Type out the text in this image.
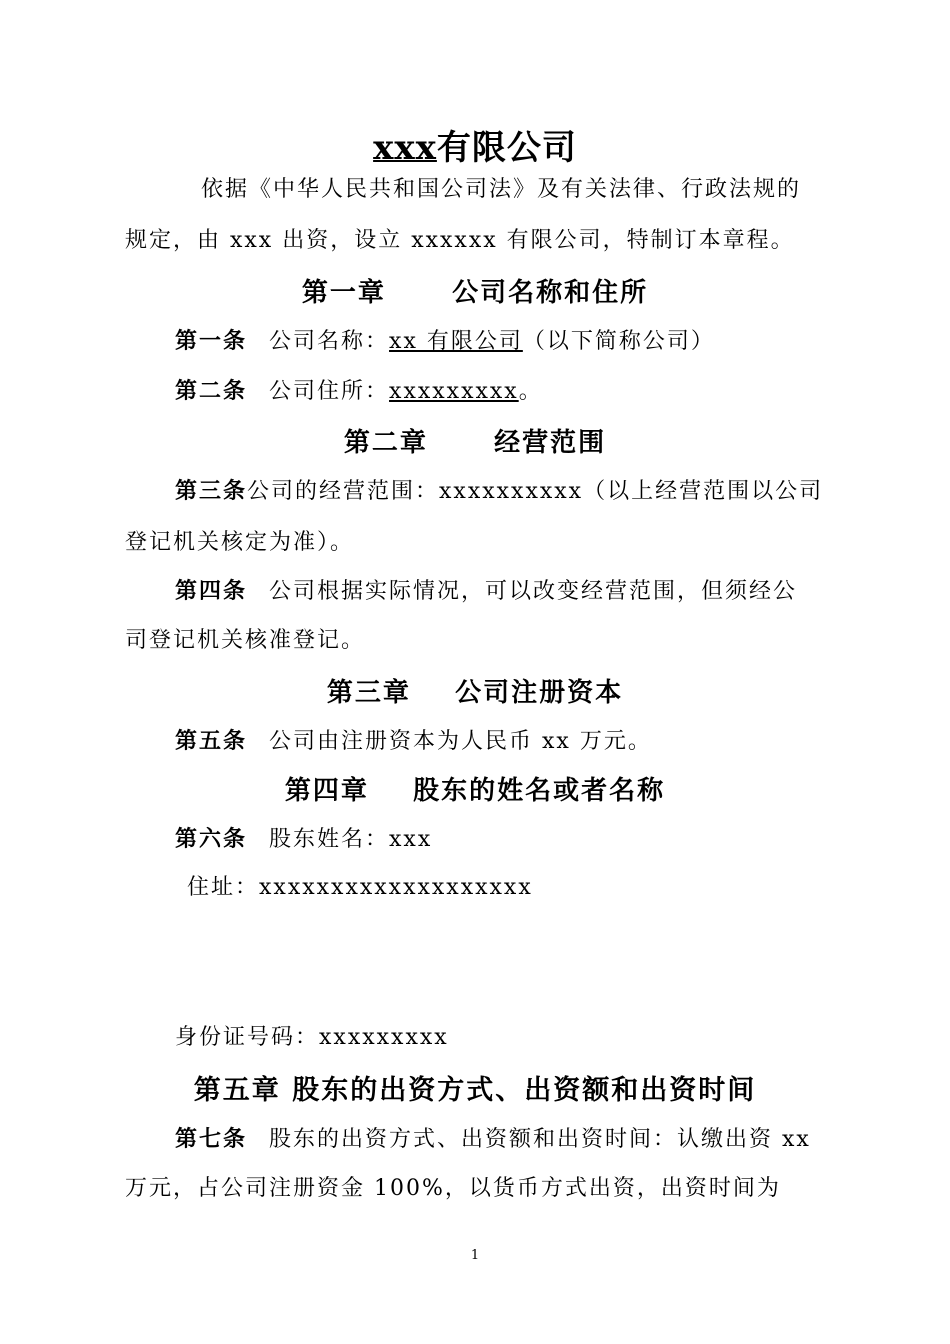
xxx有限公司
依据《中华人民共和国公司法》及有关法律、行政法规的
规定，由 xxx 出资，设立 xxxxxx 有限公司，特制订本章程。
第一章      公司名称和住所
第一条 公司名称：xx 有限公司（以下简称公司）
第二条 公司住所：xxxxxxxxx。
第二章      经营范围
第三条公司的经营范围：xxxxxxxxxx（以上经营范围以公司
登记机关核定为准）。
第四条 公司根据实际情况，可以改变经营范围，但须经公
司登记机关核准登记。
第三章    公司注册资本
第五条 公司由注册资本为人民币 xx 万元。
第四章    股东的姓名或者名称
第六条 股东姓名：xxx
住址：xxxxxxxxxxxxxxxxxxx
身份证号码：xxxxxxxxx
第五章 股东的出资方式、出资额和出资时间
第七条 股东的出资方式、出资额和出资时间：认缴出资 xx
万元，占公司注册资金 100%，以货币方式出资，出资时间为
1
